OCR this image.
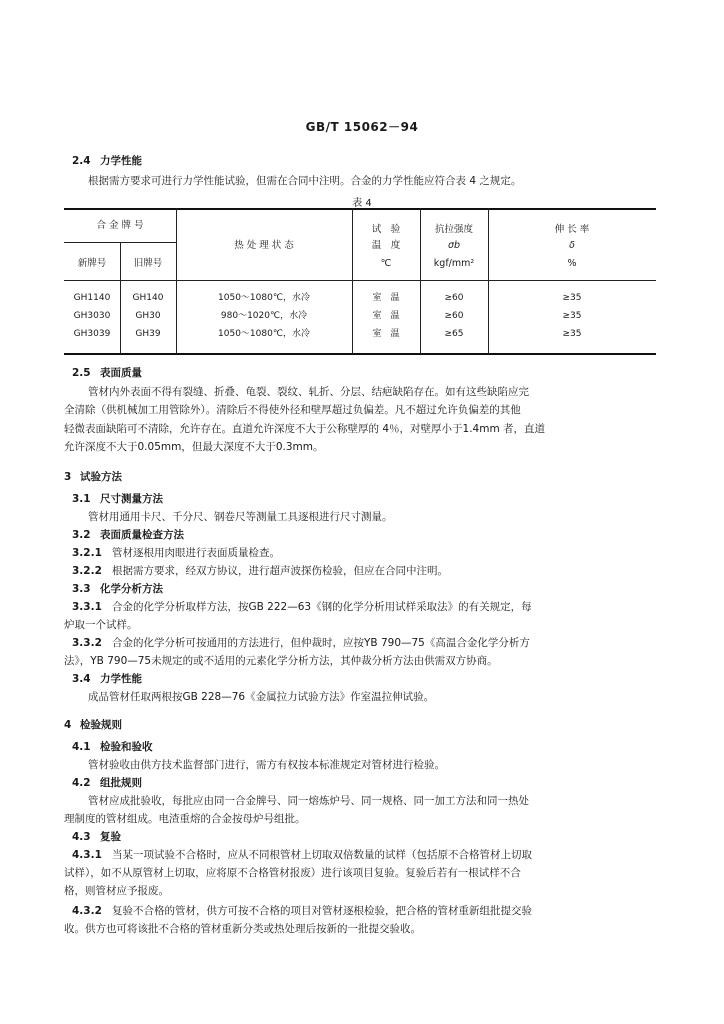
GB/T 15062－94
2.4 力学性能
根据需方要求可进行力学性能试验，但需在合同中注明。合金的力学性能应符合表 4 之规定。
表 4
合 金 牌 号
新牌号	旧牌号
热 处 理 状 态
试　验
温　度
℃
抗拉强度
σb
kgf/mm²
伸 长 率
δ
%
GH1140	GH140	1050～1080℃，水冷	室　温	≥60	≥35
GH3030	GH30	980～1020℃，水冷	室　温	≥60	≥35
GH3039	GH39	1050～1080℃，水冷	室　温	≥65	≥35
2.5 表面质量
管材内外表面不得有裂缝、折叠、龟裂、裂纹、轧折、分层、结疤缺陷存在。如有这些缺陷应完
全清除（供机械加工用管除外）。清除后不得使外径和壁厚超过负偏差。凡不超过允许负偏差的其他
轻微表面缺陷可不清除，允许存在。直道允许深度不大于公称壁厚的 4％，对壁厚小于1.4mm 者，直道
允许深度不大于0.05mm，但最大深度不大于0.3mm。
3 试验方法
3.1 尺寸测量方法
管材用通用卡尺、千分尺、钢卷尺等测量工具逐根进行尺寸测量。
3.2 表面质量检查方法
3.2.1 管材逐根用肉眼进行表面质量检查。
3.2.2 根据需方要求，经双方协议，进行超声波探伤检验，但应在合同中注明。
3.3 化学分析方法
3.3.1 合金的化学分析取样方法，按GB 222—63《钢的化学分析用试样采取法》的有关规定，每
炉取一个试样。
3.3.2 合金的化学分析可按通用的方法进行，但仲裁时，应按YB 790—75《高温合金化学分析方
法》，YB 790—75未规定的或不适用的元素化学分析方法，其仲裁分析方法由供需双方协商。
3.4 力学性能
成品管材任取两根按GB 228—76《金属拉力试验方法》作室温拉伸试验。
4 检验规则
4.1 检验和验收
管材验收由供方技术监督部门进行，需方有权按本标准规定对管材进行检验。
4.2 组批规则
管材应成批验收，每批应由同一合金牌号、同一熔炼炉号、同一规格、同一加工方法和同一热处
理制度的管材组成。电渣重熔的合金按母炉号组批。
4.3 复验
4.3.1 当某一项试验不合格时，应从不同根管材上切取双倍数量的试样（包括原不合格管材上切取
试样），如不从原管材上切取，应将原不合格管材报废）进行该项目复验。复验后若有一根试样不合
格，则管材应予报废。
4.3.2 复验不合格的管材，供方可按不合格的项目对管材逐根检验，把合格的管材重新组批提交验
收。供方也可将该批不合格的管材重新分类或热处理后按新的一批提交验收。
